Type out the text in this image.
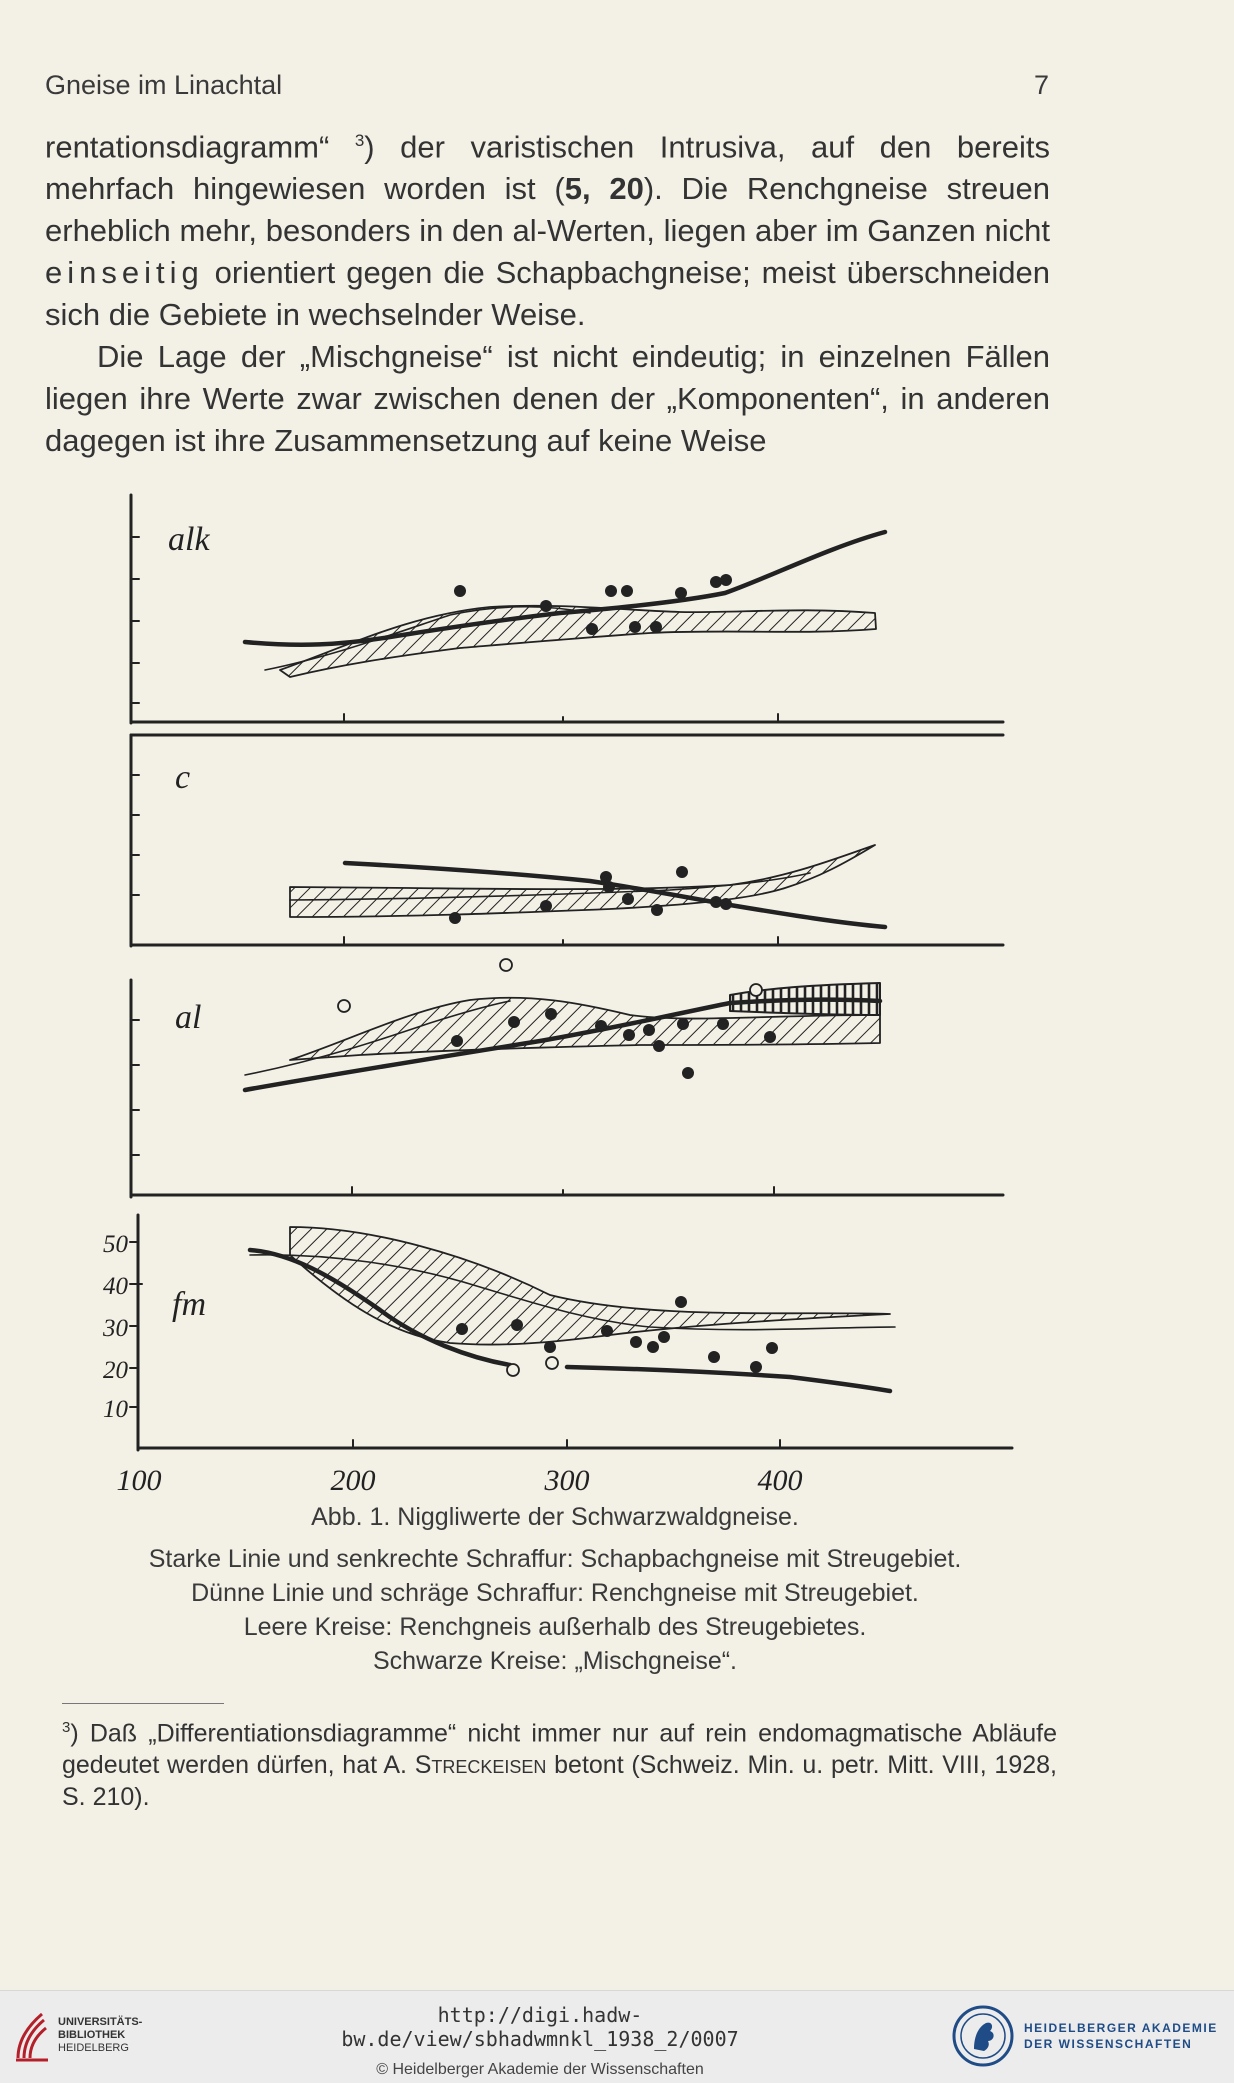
Gneise im Linachtal	7

rentationsdiagramm“ $^3$) der varistischen Intrusiva, auf den bereits mehrfach hingewiesen worden ist (5, 20). Die Renchgneise streuen erheblich mehr, besonders in den al-Werten, liegen aber im Ganzen nicht einseitig orientiert gegen die Schapbachgneise; meist überschneiden sich die Gebiete in wechselnder Weise.

Die Lage der „Mischgneise“ ist nicht eindeutig; in einzelnen Fällen liegen ihre Werte zwar zwischen denen der „Komponenten“, in anderen dagegen ist ihre Zusammensetzung auf keine Weise

alk
c
al
fm
50
40
30
20
10
100	200	300	400
Abb. 1. Niggliwerte der Schwarzwaldgneise.
Starke Linie und senkrechte Schraffur: Schapbachgneise mit Streugebiet.
Dünne Linie und schräge Schraffur: Renchgneise mit Streugebiet.
Leere Kreise: Renchgneis außerhalb des Streugebietes.
Schwarze Kreise: „Mischgneise“.
$^3$) Daß „Differentiationsdiagramme“ nicht immer nur auf rein endomagmatische Abläufe gedeutet werden dürfen, hat A. Streckeisen betont (Schweiz. Min. u. petr. Mitt. VIII, 1928, S. 210).
UNIVERSITÄTS-
BIBLIOTHEK
HEIDELBERG
http://digi.hadw-bw.de/view/sbhadwmnkl_1938_2/0007
© Heidelberger Akademie der Wissenschaften
HEIDELBERGER AKADEMIE
DER WISSENSCHAFTEN
